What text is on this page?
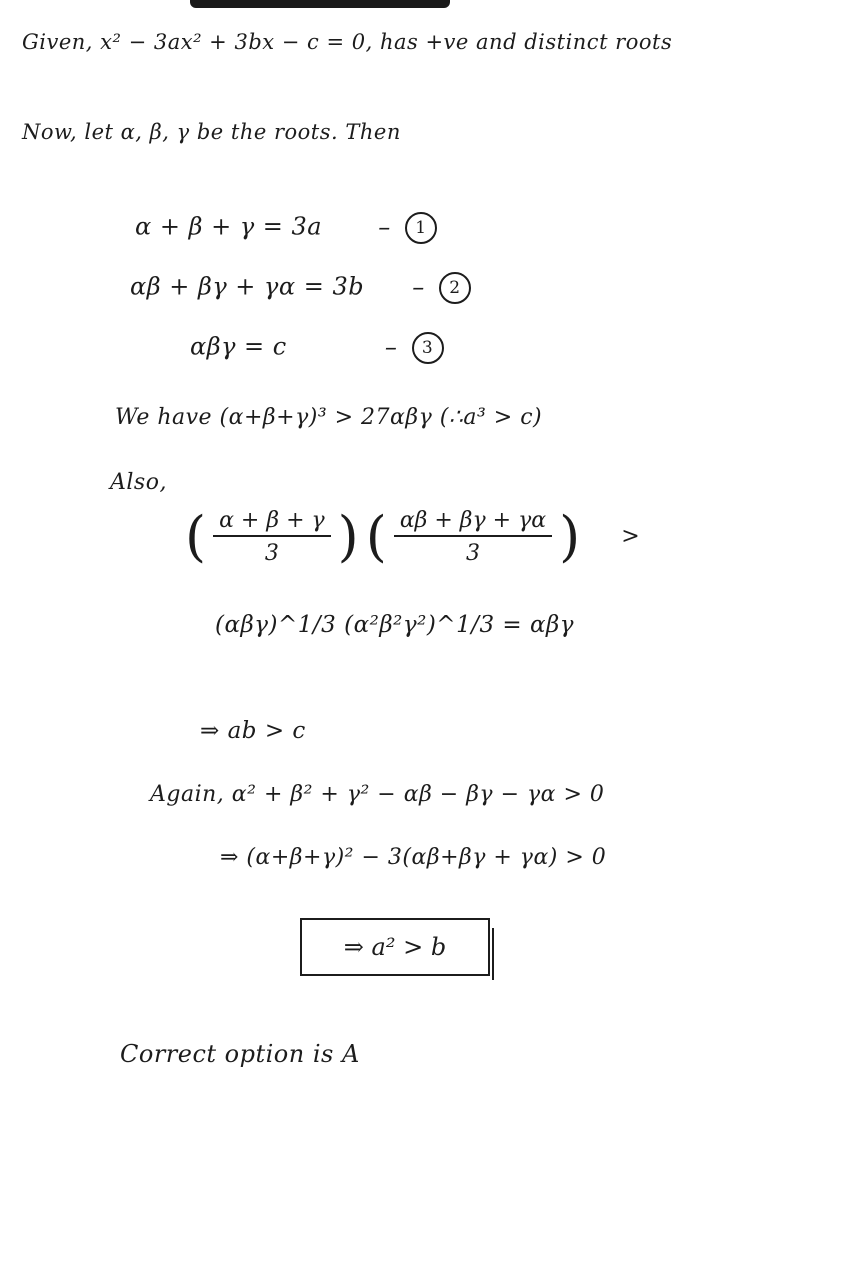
Given, x² − 3ax² + 3bx − c = 0, has +ve and distinct roots
Now, let α, β, γ be the roots. Then
α + β + γ = 3a – 1
αβ + βγ + γα = 3b – 2
αβγ = c	– 3
We have (α+β+γ)³ > 27αβγ (∴a³ > c)
Also,
( $\frac{\alpha + \beta + \gamma}{3}$ ) ( $\frac{\alpha\beta + \beta\gamma + \gamma\alpha}{3}$ ) >
(αβγ)^1/3 (α²β²γ²)^1/3 = αβγ
⇒ ab > c
Again, α² + β² + γ² − αβ − βγ − γα > 0
⇒ (α+β+γ)² − 3(αβ+βγ + γα) > 0
⇒ a² > b
Correct option is A
